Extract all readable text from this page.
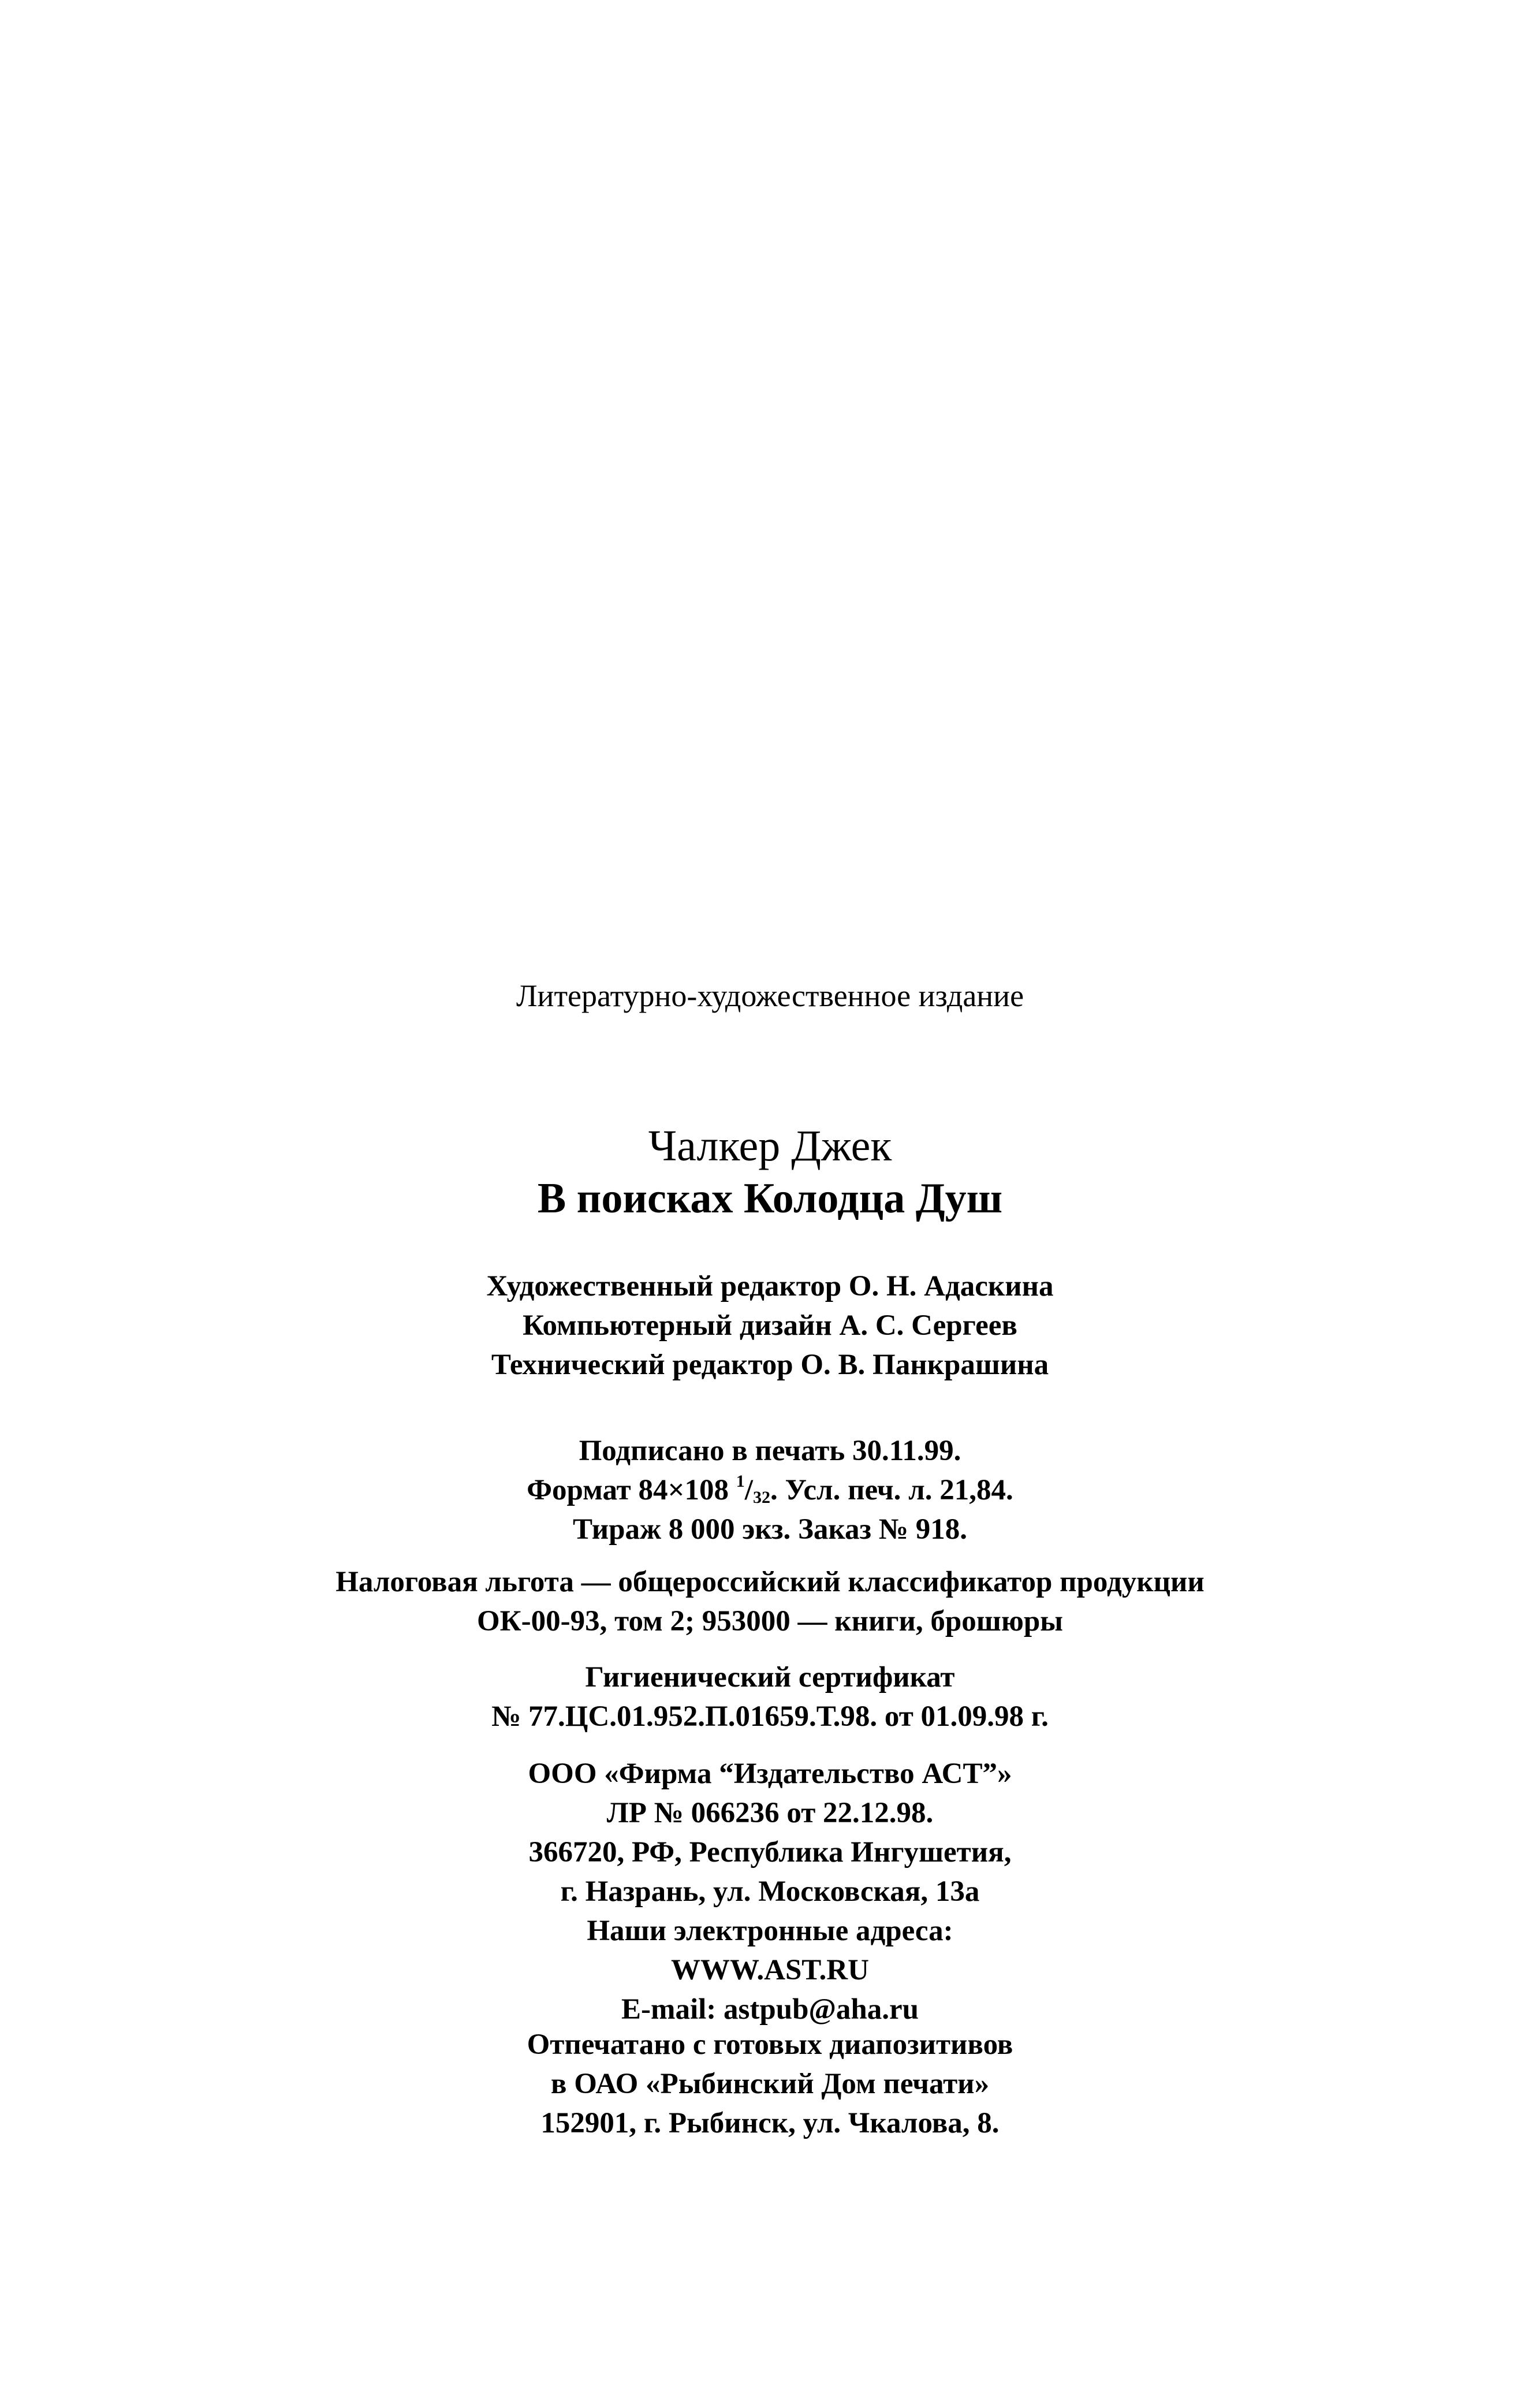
Литературно-художественное издание
Чалкер Джек
В поисках Колодца Душ
Художественный редактор О. Н. Адаскина
Компьютерный дизайн А. С. Сергеев
Технический редактор О. В. Панкрашина
Подписано в печать 30.11.99.
Формат 84×108 $^1/_{32}$. Усл. печ. л. 21,84.
Тираж 8 000 экз. Заказ № 918.
Налоговая льгота — общероссийский классификатор продукции
ОК-00-93, том 2; 953000 — книги, брошюры
Гигиенический сертификат
№ 77.ЦС.01.952.П.01659.Т.98. от 01.09.98 г.
ООО «Фирма “Издательство АСТ”»
ЛР № 066236 от 22.12.98.
366720, РФ, Республика Ингушетия,
г. Назрань, ул. Московская, 13а
Наши электронные адреса:
WWW.AST.RU
E-mail: astpub@aha.ru
Отпечатано с готовых диапозитивов
в ОАО «Рыбинский Дом печати»
152901, г. Рыбинск, ул. Чкалова, 8.
